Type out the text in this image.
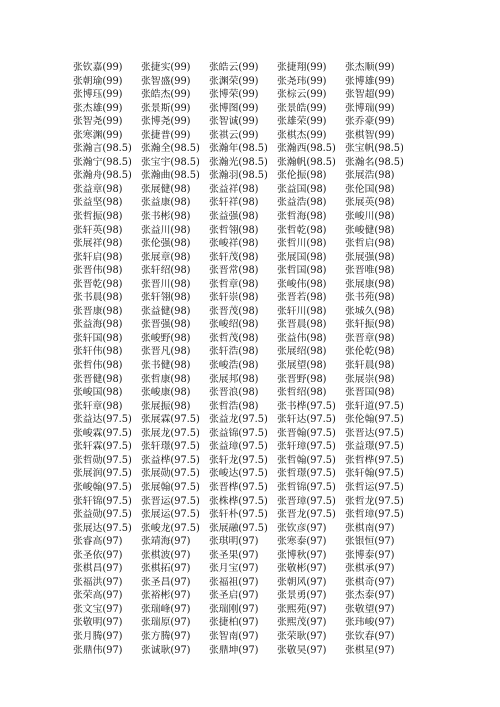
张钦嘉(99)	张捷实(99)	张皓云(99)	张捷翔(99)	张杰顺(99)
张朝瑜(99)	张智盛(99)	张渊荣(99)	张尧玮(99)	张博雄(99)
张博珏(99)	张皓杰(99)	张博荣(99)	张棕云(99)	张智超(99)
张杰雄(99)	张景斯(99)	张博图(99)	张景皓(99)	张博瑞(99)
张智尧(99)	张博尧(99)	张智诚(99)	张雄荣(99)	张乔豪(99)
张寒渊(99)	张捷普(99)	张祺云(99)	张棋杰(99)	张棋智(99)
张瀚言(98.5) 张瀚全(98.5) 张瀚年(98.5) 张瀚西(98.5) 张宝帆(98.5)
张瀚宁(98.5) 张宝宇(98.5) 张瀚光(98.5) 张瀚帆(98.5) 张瀚名(98.5)
张瀚舟(98.5) 张瀚曲(98.5) 张瀚羽(98.5) 张伦振(98)	张展浩(98)
张益章(98)	张展健(98)	张益祥(98)	张益国(98)	张伦国(98)
张益坚(98)	张益康(98)	张轩祥(98)	张益浩(98)	张展英(98)
张哲振(98)	张书彬(98)	张益强(98)	张哲海(98)	张峻川(98)
张轩英(98)	张益川(98)	张哲翎(98)	张哲乾(98)	张峻健(98)
张展祥(98)	张伦强(98)	张峻祥(98)	张哲川(98)	张哲启(98)
张轩启(98)	张展章(98)	张轩茂(98)	张展国(98)	张展强(98)
张晋伟(98)	张轩绍(98)	张晋常(98)	张哲国(98)	张晋唯(98)
张晋乾(98)	张晋川(98)	张哲章(98)	张峻伟(98)	张展康(98)
张书晨(98)	张轩翎(98)	张轩崇(98)	张晋若(98)	张书苑(98)
张晋康(98)	张益健(98)	张晋茂(98)	张轩川(98)	张城久(98)
张益海(98)	张晋强(98)	张峻绍(98)	张晋晨(98)	张轩振(98)
张轩国(98)	张峻野(98)	张哲茂(98)	张益伟(98)	张晋章(98)
张轩伟(98)	张晋凡(98)	张轩浩(98)	张展绍(98)	张伦乾(98)
张哲伟(98)	张书健(98)	张峻浩(98)	张展望(98)	张轩晨(98)
张晋健(98)	张哲康(98)	张展邦(98)	张晋野(98)	张展崇(98)
张峻国(98)	张峻康(98)	张晋浪(98)	张哲绍(98)	张晋国(98)
张轩章(98)	张展振(98)	张哲浩(98)	张书桦(97.5) 张轩道(97.5)
张益达(97.5) 张展霖(97.5) 张益龙(97.5) 张轩达(97.5) 张伦翰(97.5)
张峻霖(97.5) 张展龙(97.5) 张益锦(97.5) 张晋翰(97.5) 张晋达(97.5)
张轩霖(97.5) 张轩璟(97.5) 张益璋(97.5) 张轩璋(97.5) 张益璟(97.5)
张哲勋(97.5) 张益桦(97.5) 张轩龙(97.5) 张哲翰(97.5) 张哲桦(97.5)
张展润(97.5) 张展勋(97.5) 张峻达(97.5) 张哲璟(97.5) 张轩翰(97.5)
张峻翰(97.5) 张展翰(97.5) 张晋桦(97.5) 张哲锦(97.5) 张哲运(97.5)
张轩锦(97.5) 张晋运(97.5) 张株桦(97.5) 张晋璋(97.5) 张哲龙(97.5)
张益勋(97.5) 张展运(97.5) 张轩朴(97.5) 张晋龙(97.5) 张哲璋(97.5)
张展达(97.5) 张峻龙(97.5) 张展融(97.5) 张钦彦(97)	张棋南(97)
张睿高(97)	张靖海(97)	张琪明(97)	张寒泰(97)	张银恒(97)
张圣依(97)	张棋波(97)	张圣果(97)	张博秋(97)	张博泰(97)
张棋昌(97)	张棋拓(97)	张月宝(97)	张敬彬(97)	张棋承(97)
张福洪(97)	张圣昌(97)	张福祖(97)	张朝风(97)	张棋奇(97)
张荣高(97)	张裕彬(97)	张圣启(97)	张景勇(97)	张杰泰(97)
张文宝(97)	张瑞峰(97)	张瑞刚(97)	张熙苑(97)	张敬望(97)
张敬明(97)	张瑞原(97)	张捷柏(97)	张熙茂(97)	张玮峻(97)
张月腾(97)	张方腾(97)	张智南(97)	张荣耿(97)	张钦春(97)
张鼎伟(97)	张诚耿(97)	张鼎坤(97)	张敬昊(97)	张棋星(97)
